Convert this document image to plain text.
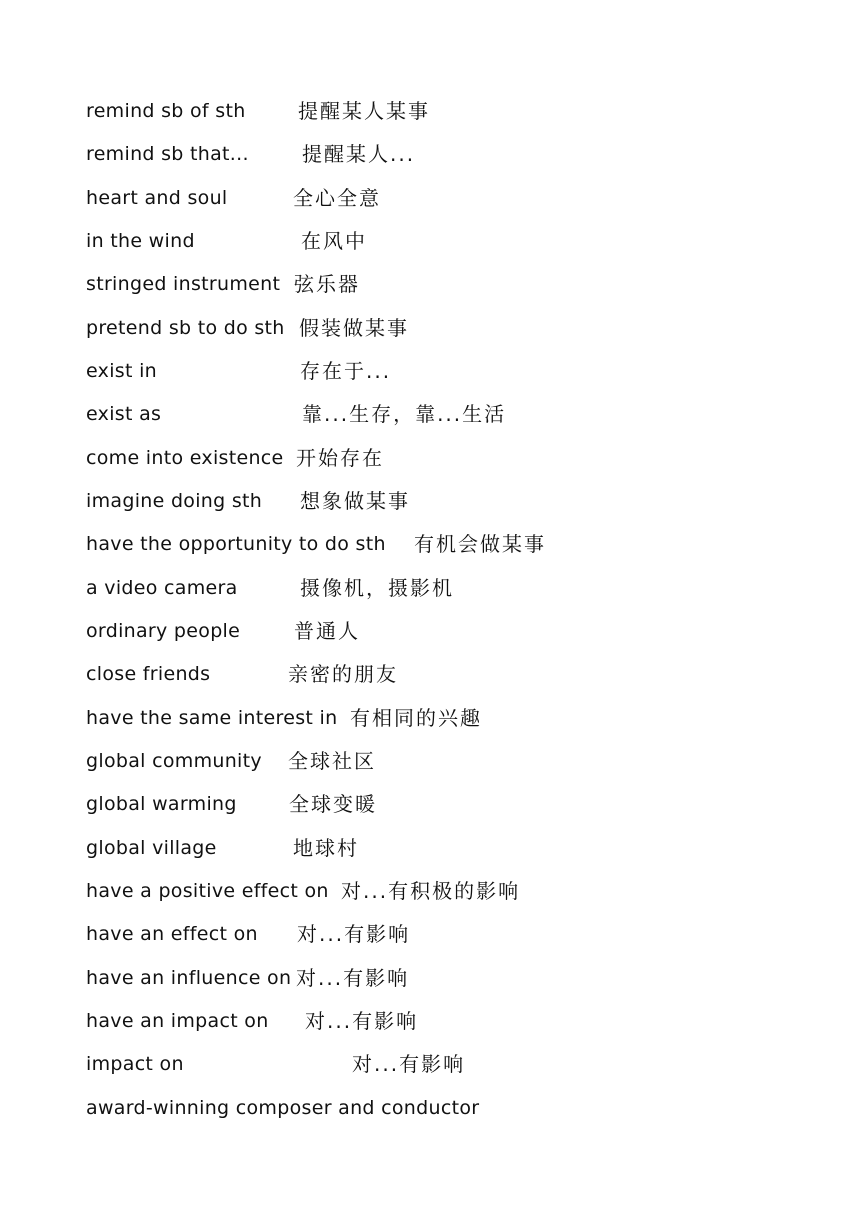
remind sb of sth	提醒某人某事
remind sb that...	提醒某人...
heart and soul	全心全意
in the wind	在风中
stringed instrument 弦乐器
pretend sb to do sth 假装做某事
exist in	存在于...
exist as	靠...生存，靠...生活
come into existence 开始存在
imagine doing sth 想象做某事
have the opportunity to do sth 有机会做某事
a video camera	摄像机，摄影机
ordinary people	普通人
close friends	亲密的朋友
have the same interest in 有相同的兴趣
global community 全球社区
global warming	全球变暖
global village	地球村
have a positive effect on 对...有积极的影响
have an effect on 对...有影响
have an influence on 对...有影响
have an impact on 对...有影响
impact on	对...有影响
award-winning composer and conductor
